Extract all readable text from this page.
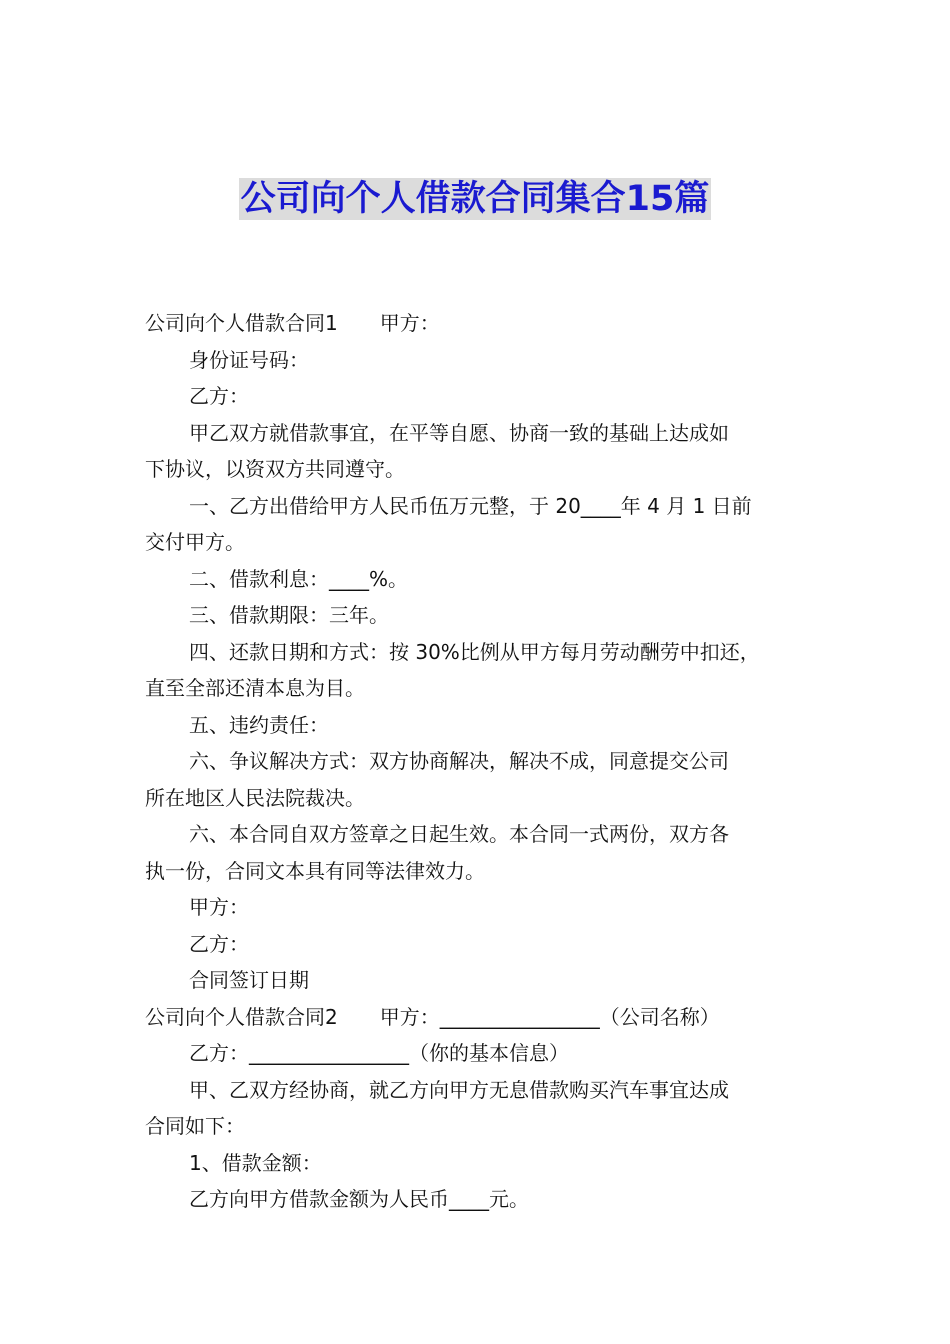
公司向个人借款合同集合15篇
公司向个人借款合同1 甲方：
身份证号码：
乙方：
甲乙双方就借款事宜，在平等自愿、协商一致的基础上达成如
下协议，以资双方共同遵守。
一、乙方出借给甲方人民币伍万元整，于 20____年 4 月 1 日前
交付甲方。
二、借款利息：____%。
三、借款期限：三年。
四、还款日期和方式：按 30%比例从甲方每月劳动酬劳中扣还，
直至全部还清本息为目。
五、违约责任：
六、争议解决方式：双方协商解决，解决不成，同意提交公司
所在地区人民法院裁决。
六、本合同自双方签章之日起生效。本合同一式两份，双方各
执一份，合同文本具有同等法律效力。
甲方：
乙方：
合同签订日期
公司向个人借款合同2 甲方：________________（公司名称）
乙方：________________（你的基本信息）
甲、乙双方经协商，就乙方向甲方无息借款购买汽车事宜达成
合同如下：
1、借款金额：
乙方向甲方借款金额为人民币____元。
